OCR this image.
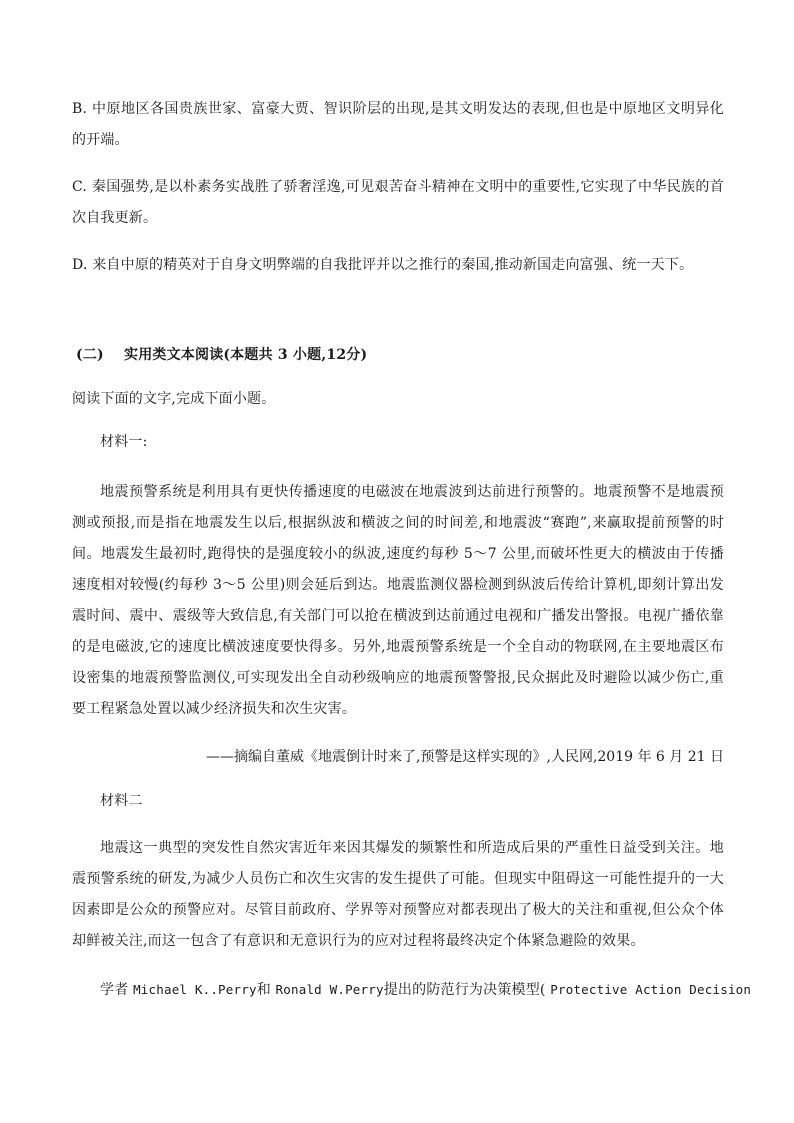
B. 中原地区各国贵族世家、富豪大贾、智识阶层的出现,是其文明发达的表现,但也是中原地区文明异化的开端。

C. 秦国强势,是以朴素务实战胜了骄奢淫逸,可见艰苦奋斗精神在文明中的重要性,它实现了中华民族的首次自我更新。

D. 来自中原的精英对于自身文明弊端的自我批评并以之推行的秦国,推动新国走向富强、统一天下。

(二) 实用类文本阅读(本题共 3 小题,12分)

阅读下面的文字,完成下面小题。

材料一:

地震预警系统是利用具有更快传播速度的电磁波在地震波到达前进行预警的。地震预警不是地震预测或预报,而是指在地震发生以后,根据纵波和横波之间的时间差,和地震波“赛跑”,来赢取提前预警的时间。地震发生最初时,跑得快的是强度较小的纵波,速度约每秒 5～7 公里,而破坏性更大的横波由于传播速度相对较慢(约每秒 3～5 公里)则会延后到达。地震监测仪器检测到纵波后传给计算机,即刻计算出发震时间、震中、震级等大致信息,有关部门可以抢在横波到达前通过电视和广播发出警报。电视广播依靠的是电磁波,它的速度比横波速度要快得多。另外,地震预警系统是一个全自动的物联网,在主要地震区布设密集的地震预警监测仪,可实现发出全自动秒级响应的地震预警警报,民众据此及时避险以减少伤亡,重要工程紧急处置以减少经济损失和次生灾害。

——摘编自董威《地震倒计时来了,预警是这样实现的》,人民网,2019 年 6 月 21 日

材料二

地震这一典型的突发性自然灾害近年来因其爆发的频繁性和所造成后果的严重性日益受到关注。地震预警系统的研发,为减少人员伤亡和次生灾害的发生提供了可能。但现实中阻碍这一可能性提升的一大因素即是公众的预警应对。尽管目前政府、学界等对预警应对都表现出了极大的关注和重视,但公众个体却鲜被关注,而这一包含了有意识和无意识行为的应对过程将最终决定个体紧急避险的效果。

学者 Michael K..Perry和 Ronald W.Perry提出的防范行为决策模型( Protective Action Decision
